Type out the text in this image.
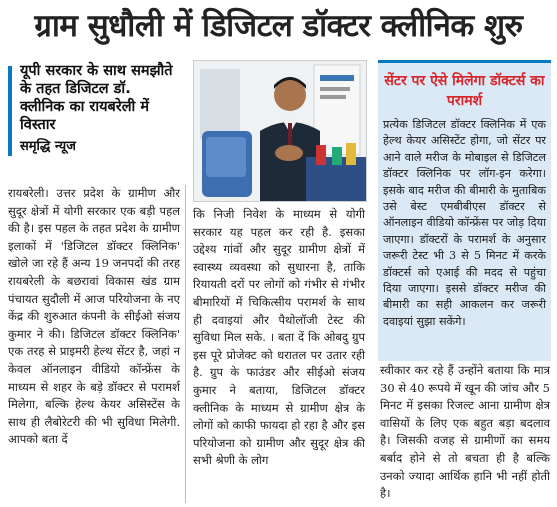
ग्राम सुधौली में डिजिटल डॉक्टर क्लीनिक शुरु
यूपी सरकार के साथ समझौते के तहत डिजिटल डॉ. क्लीनिक का रायबरेली में विस्तार
समृद्धि न्यूज

रायबरेली। उत्तर प्रदेश के ग्रामीण और सुदूर क्षेत्रों में योगी सरकार एक बड़ी पहल की है। इस पहल के तहत प्रदेश के ग्रामीण इलाकों में 'डिजिटल डॉक्टर क्लिनिक' खोले जा रहे हैं अन्य 19 जनपदों की तरह रायबरेली के बछरावां विकास खंड ग्राम पंचायत सुदौली में आज परियोजना के नए केंद्र की शुरुआत कंपनी के सीईओ संजय कुमार ने की। डिजिटल डॉक्टर क्लिनिक' एक तरह से प्राइमरी हेल्थ सेंटर है, जहां न केवल ऑनलाइन वीडियो कॉन्फ्रेंस के माध्यम से शहर के बड़े डॉक्टर से परामर्श मिलेगा, बल्कि हेल्थ केयर असिस्टेंस के साथ ही लैबोरेटरी की भी सुविधा मिलेगी. आपको बता दें

कि निजी निवेश के माध्यम से योगी सरकार यह पहल कर रही है. इसका उद्देश्य गांवों और सुदूर ग्रामीण क्षेत्रों में स्वास्थ्य व्यवस्था को सुधारना है, ताकि रियायती दरों पर लोगों को गंभीर से गंभीर बीमारियों में चिकित्सीय परामर्श के साथ ही दवाइयां और पैथोलॉजी टेस्ट की सुविधा मिल सके. । बता दें कि ओबदु ग्रुप इस पूरे प्रोजेक्ट को धरातल पर उतार रही है. ग्रुप के फाउंडर और सीईओ संजय कुमार ने बताया, डिजिटल डॉक्टर क्लीनिक के माध्यम से ग्रामीण क्षेत्र के लोगों को काफी फायदा हो रहा है और इस परियोजना को ग्रामीण और सुदूर क्षेत्र की सभी श्रेणी के लोग

सेंटर पर ऐसे मिलेगा डॉक्टर्स का परामर्श
प्रत्येक डिजिटल डॉक्टर क्लिनिक में एक हेल्थ केयर असिस्टेंट होगा, जो सेंटर पर आने वाले मरीज के मोबाइल से डिजिटल डॉक्टर क्लिनिक पर लॉग-इन करेगा। इसके बाद मरीज की बीमारी के मुताबिक उसे बेस्ट एमबीबीएस डॉक्टर से ऑनलाइन वीडियो कॉन्फ्रेंस पर जोड़ दिया जाएगा। डॉक्टरों के परामर्श के अनुसार जरूरी टेस्ट भी 3 से 5 मिनट में करके डॉक्टर्स को एआई की मदद से पहुंचा दिया जाएगा। इससे डॉक्टर मरीज की बीमारी का सही आकलन कर जरूरी दवाइयां सुझा सकेंगे।

स्वीकार कर रहे हैं उन्होंने बताया कि मात्र 30 से 40 रूपये में खून की जांच और 5 मिनट में इसका रिजल्ट आना ग्रामीण क्षेत्र वासियों के लिए एक बहुत बड़ा बदलाव है। जिसकी वजह से ग्रामीणों का समय बर्बाद होने से तो बचता ही है बल्कि उनको ज्यादा आर्थिक हानि भी नहीं होती है।
